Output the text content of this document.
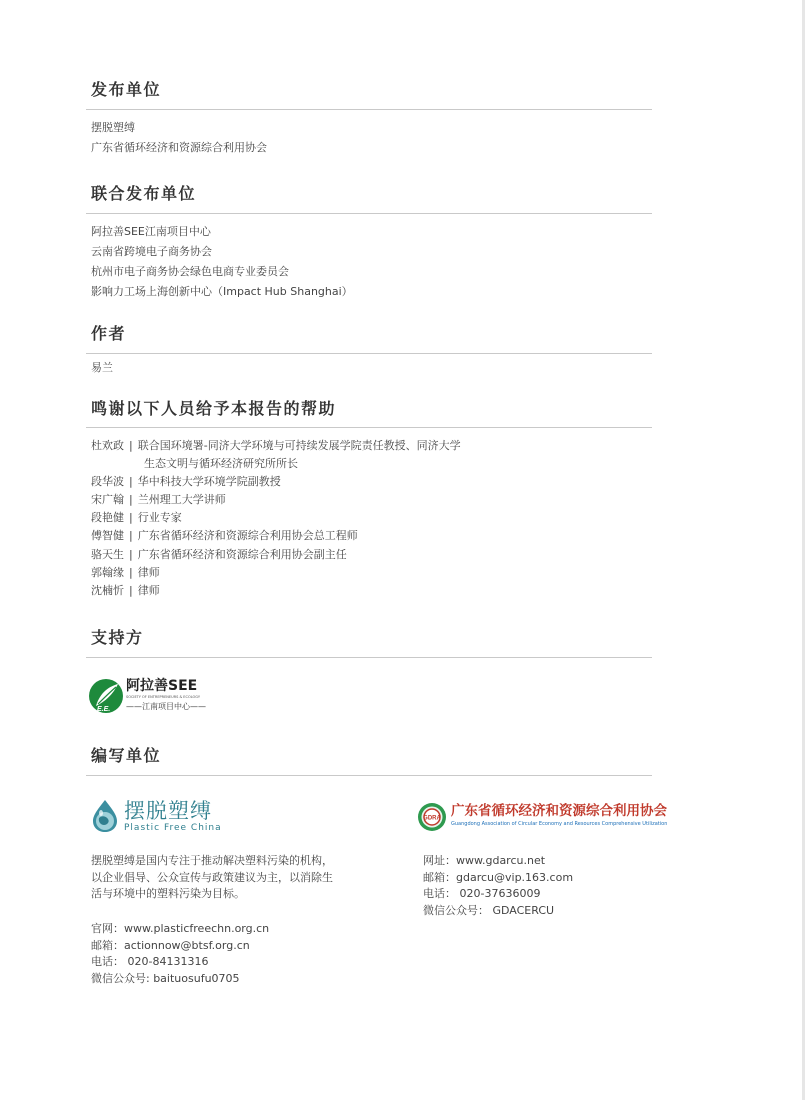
发布单位
摆脱塑缚
广东省循环经济和资源综合利用协会
联合发布单位
阿拉善SEE江南项目中心
云南省跨境电子商务协会
杭州市电子商务协会绿色电商专业委员会
影响力工场上海创新中心（Impact Hub Shanghai）
作者
易兰
鸣谢以下人员给予本报告的帮助
杜欢政 | 联合国环境署-同济大学环境与可持续发展学院责任教授、同济大学
生态文明与循环经济研究所所长
段华波 | 华中科技大学环境学院副教授
宋广翰 | 兰州理工大学讲师
段艳健 | 行业专家
傅智健 | 广东省循环经济和资源综合利用协会总工程师
骆天生 | 广东省循环经济和资源综合利用协会副主任
郭翰缘 | 律师
沈楠忻 | 律师
支持方
E.E.
阿拉善SEE
SOCIETY OF ENTREPRENEURS & ECOLOGY
——江南项目中心——
编写单位
摆脱塑缚
Plastic Free China
GDRA 广东省循环经济和资源综合利用协会
Guangdong Association of Circular Economy and Resources Comprehensive Utilization
摆脱塑缚是国内专注于推动解决塑料污染的机构，
以企业倡导、公众宣传与政策建议为主，以消除生
活与环境中的塑料污染为目标。
官网：www.plasticfreechn.org.cn
邮箱：actionnow@btsf.org.cn
电话： 020-84131316
微信公众号: baituosufu0705
网址：www.gdarcu.net
邮箱：gdarcu@vip.163.com
电话： 020-37636009
微信公众号： GDACERCU
